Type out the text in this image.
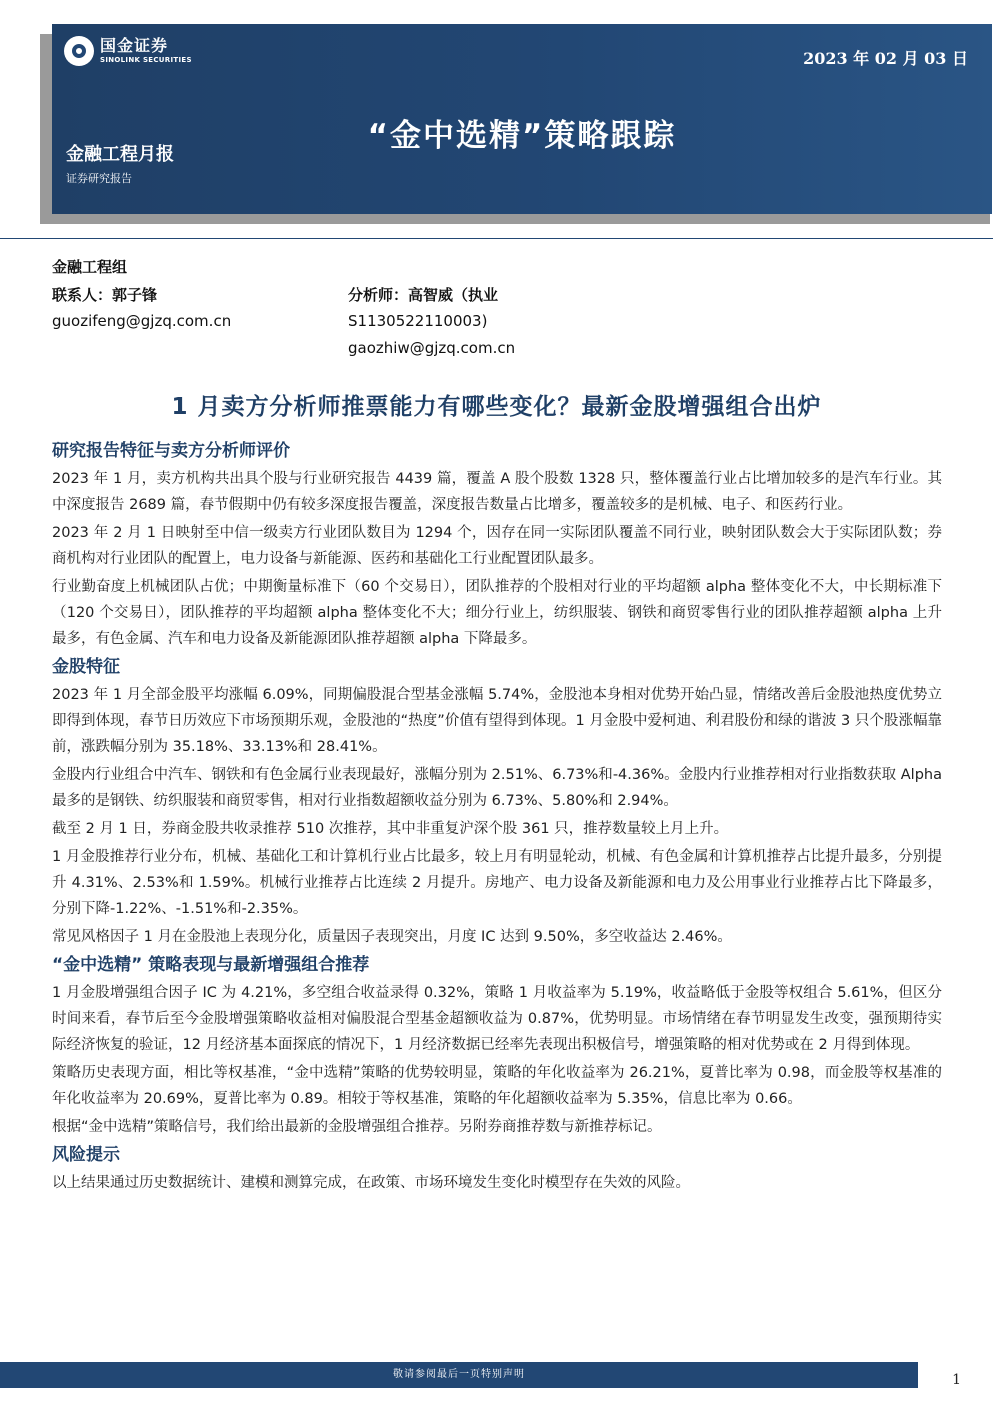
国金证券
SINOLINK SECURITIES	2023 年 02 月 03 日
“金中选精”策略跟踪
金融工程月报
证券研究报告
金融工程组
联系人：郭子锋
guozifeng@gjzq.com.cn
分析师：高智威（执业
S1130522110003)
gaozhiw@gjzq.com.cn
1 月卖方分析师推票能力有哪些变化？最新金股增强组合出炉
研究报告特征与卖方分析师评价

2023 年 1 月，卖方机构共出具个股与行业研究报告 4439 篇，覆盖 A 股个股数 1328 只，整体覆盖行业占比增加较多的是汽车行业。其中深度报告 2689 篇，春节假期中仍有较多深度报告覆盖，深度报告数量占比增多，覆盖较多的是机械、电子、和医药行业。

2023 年 2 月 1 日映射至中信一级卖方行业团队数目为 1294 个，因存在同一实际团队覆盖不同行业，映射团队数会大于实际团队数；券商机构对行业团队的配置上，电力设备与新能源、医药和基础化工行业配置团队最多。

行业勤奋度上机械团队占优；中期衡量标准下（60 个交易日），团队推荐的个股相对行业的平均超额 alpha 整体变化不大，中长期标准下（120 个交易日），团队推荐的平均超额 alpha 整体变化不大；细分行业上，纺织服装、钢铁和商贸零售行业的团队推荐超额 alpha 上升最多，有色金属、汽车和电力设备及新能源团队推荐超额 alpha 下降最多。

金股特征

2023 年 1 月全部金股平均涨幅 6.09%，同期偏股混合型基金涨幅 5.74%，金股池本身相对优势开始凸显，情绪改善后金股池热度优势立即得到体现，春节日历效应下市场预期乐观，金股池的“热度”价值有望得到体现。1 月金股中爱柯迪、利君股份和绿的谐波 3 只个股涨幅靠前，涨跌幅分别为 35.18%、33.13%和 28.41%。

金股内行业组合中汽车、钢铁和有色金属行业表现最好，涨幅分别为 2.51%、6.73%和-4.36%。金股内行业推荐相对行业指数获取 Alpha 最多的是钢铁、纺织服装和商贸零售，相对行业指数超额收益分别为 6.73%、5.80%和 2.94%。

截至 2 月 1 日，券商金股共收录推荐 510 次推荐，其中非重复沪深个股 361 只，推荐数量较上月上升。

1 月金股推荐行业分布，机械、基础化工和计算机行业占比最多，较上月有明显轮动，机械、有色金属和计算机推荐占比提升最多，分别提升 4.31%、2.53%和 1.59%。机械行业推荐占比连续 2 月提升。房地产、电力设备及新能源和电力及公用事业行业推荐占比下降最多，分别下降-1.22%、-1.51%和-2.35%。

常见风格因子 1 月在金股池上表现分化，质量因子表现突出，月度 IC 达到 9.50%，多空收益达 2.46%。

“金中选精” 策略表现与最新增强组合推荐

1 月金股增强组合因子 IC 为 4.21%，多空组合收益录得 0.32%，策略 1 月收益率为 5.19%，收益略低于金股等权组合 5.61%，但区分时间来看，春节后至今金股增强策略收益相对偏股混合型基金超额收益为 0.87%，优势明显。市场情绪在春节明显发生改变，强预期待实际经济恢复的验证，12 月经济基本面探底的情况下，1 月经济数据已经率先表现出积极信号，增强策略的相对优势或在 2 月得到体现。

策略历史表现方面，相比等权基准，“金中选精”策略的优势较明显，策略的年化收益率为 26.21%，夏普比率为 0.98，而金股等权基准的年化收益率为 20.69%，夏普比率为 0.89。相较于等权基准，策略的年化超额收益率为 5.35%，信息比率为 0.66。

根据“金中选精”策略信号，我们给出最新的金股增强组合推荐。另附券商推荐数与新推荐标记。

风险提示

以上结果通过历史数据统计、建模和测算完成，在政策、市场环境发生变化时模型存在失效的风险。

敬请参阅最后一页特别声明	1
